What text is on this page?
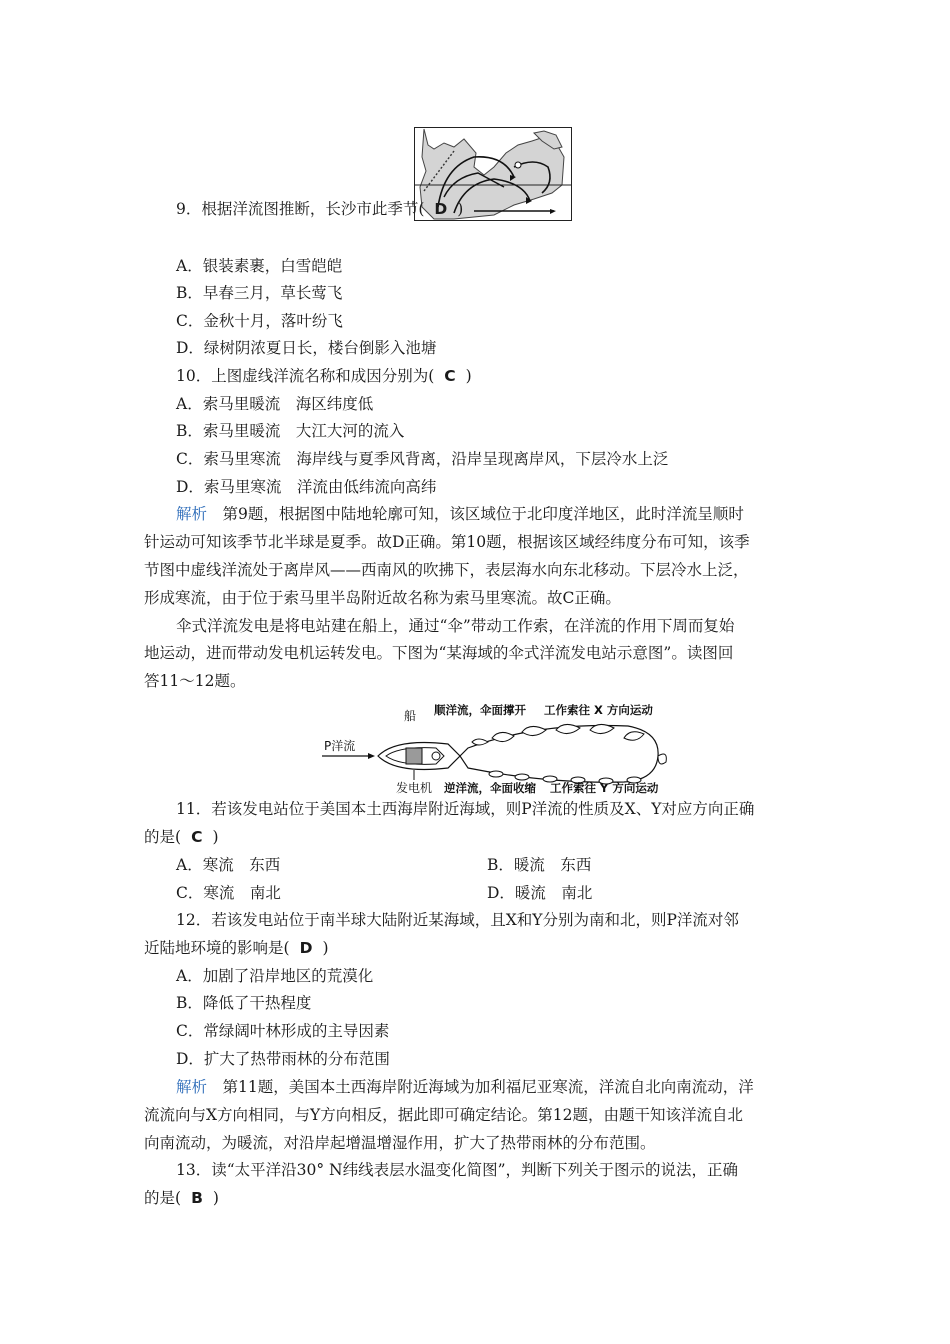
9．根据洋流图推断，长沙市此季节( D )
A．银装素裹，白雪皑皑
B．早春三月，草长莺飞
C．金秋十月，落叶纷飞
D．绿树阴浓夏日长，楼台倒影入池塘
10．上图虚线洋流名称和成因分别为( C )
A．索马里暖流　海区纬度低
B．索马里暖流　大江大河的流入
C．索马里寒流　海岸线与夏季风背离，沿岸呈现离岸风，下层冷水上泛
D．索马里寒流　洋流由低纬流向高纬
解析　第9题，根据图中陆地轮廓可知，该区域位于北印度洋地区，此时洋流呈顺时
针运动可知该季节北半球是夏季。故D正确。第10题，根据该区域经纬度分布可知，该季
节图中虚线洋流处于离岸风——西南风的吹拂下，表层海水向东北移动。下层冷水上泛，
形成寒流，由于位于索马里半岛附近故名称为索马里寒流。故C正确。
伞式洋流发电是将电站建在船上，通过“伞”带动工作索，在洋流的作用下周而复始
地运动，进而带动发电机运转发电。下图为“某海域的伞式洋流发电站示意图”。读图回
答11～12题。
船 顺洋流，伞面撑开 工作索往 X 方向运动
P洋流
发电机 逆洋流，伞面收缩 工作索往 Y 方向运动
11．若该发电站位于美国本土西海岸附近海域，则P洋流的性质及X、Y对应方向正确
的是( C )
A．寒流　东西	B．暖流　东西
C．寒流　南北	D．暖流　南北
12．若该发电站位于南半球大陆附近某海域，且X和Y分别为南和北，则P洋流对邻
近陆地环境的影响是( D )
A．加剧了沿岸地区的荒漠化
B．降低了干热程度
C．常绿阔叶林形成的主导因素
D．扩大了热带雨林的分布范围
解析　第11题，美国本土西海岸附近海域为加利福尼亚寒流，洋流自北向南流动，洋
流流向与X方向相同，与Y方向相反，据此即可确定结论。第12题，由题干知该洋流自北
向南流动，为暖流，对沿岸起增温增湿作用，扩大了热带雨林的分布范围。
13．读“太平洋沿30° N纬线表层水温变化简图”，判断下列关于图示的说法，正确
的是( B )
